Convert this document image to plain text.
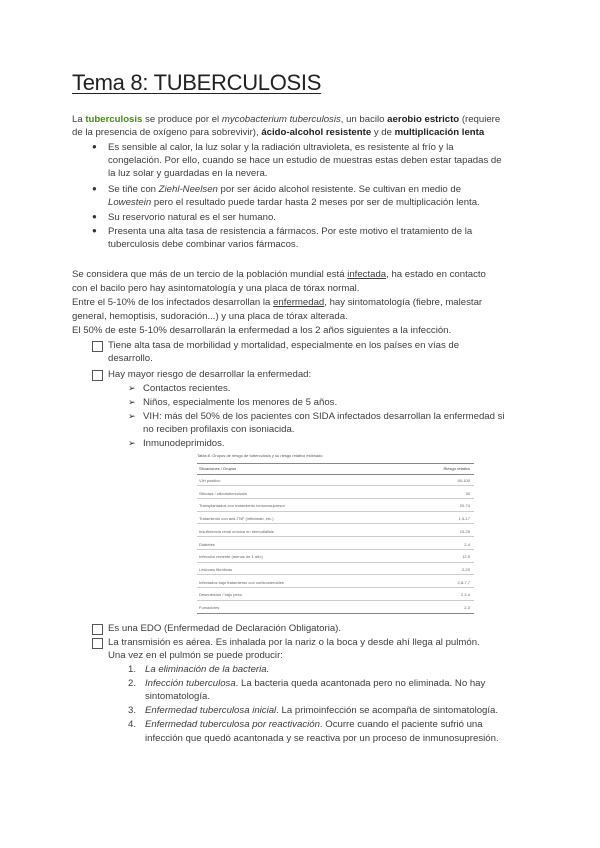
Tema 8: TUBERCULOSIS
La tuberculosis se produce por el mycobacterium tuberculosis, un bacilo aerobio estricto (requiere
de la presencia de oxígeno para sobrevivir), ácido-alcohol resistente y de multiplicación lenta
● Es sensible al calor, la luz solar y la radiación ultravioleta, es resistente al frío y la
congelación. Por ello, cuando se hace un estudio de muestras estas deben estar tapadas de
la luz solar y guardadas en la nevera.
● Se tiñe con Ziehl-Neelsen por ser ácido alcohol resistente. Se cultivan en medio de
Lowestein pero el resultado puede tardar hasta 2 meses por ser de multiplicación lenta.
● Su reservorio natural es el ser humano.
● Presenta una alta tasa de resistencia a fármacos. Por este motivo el tratamiento de la
tuberculosis debe combinar varios fármacos.
Se considera que más de un tercio de la población mundial está infectada, ha estado en contacto
con el bacilo pero hay asintomatología y una placa de tórax normal.
Entre el 5-10% de los infectados desarrollan la enfermedad, hay sintomatología (fiebre, malestar
general, hemoptisis, sudoración...) y una placa de tórax alterada.
El 50% de este 5-10% desarrollarán la enfermedad a los 2 años siguientes a la infección.
Tiene alta tasa de morbilidad y mortalidad, especialmente en los países en vías de
desarrollo.
Hay mayor riesgo de desarrollar la enfermedad:
➢ Contactos recientes.
➢ Niños, especialmente los menores de 5 años.
➢ VIH: más del 50% de los pacientes con SIDA infectados desarrollan la enfermedad si
no reciben profilaxis con isoniacida.
➢ Inmunodeprimidos.
Tabla 8. Grupos de riesgo de tuberculosis y su riesgo relativo estimado
Situaciones / Grupos	Riesgo relativo
VIH positivo	50-100
Silicosis / silicotuberculosis	30
Transplantados con tratamiento inmunosupresor	20-74
Tratamiento con anti-TNF (infliximab, etc.)	1,5-17
Insuficiencia renal crónica en hemodiálisis	10-25
Diabetes	2-4
Infección reciente (menos de 1 año)	12,9
Lesiones fibróticas	2-20
Infectados bajo tratamiento con corticosteroides	2,8-7,7
Desnutrición / bajo peso	2,2-4
Fumadores	2-3
Es una EDO (Enfermedad de Declaración Obligatoria).
La transmisión es aérea. Es inhalada por la nariz o la boca y desde ahí llega al pulmón.
Una vez en el pulmón se puede producir:
1. La eliminación de la bacteria.
2. Infección tuberculosa. La bacteria queda acantonada pero no eliminada. No hay
sintomatología.
3. Enfermedad tuberculosa inicial. La primoinfección se acompaña de sintomatología.
4. Enfermedad tuberculosa por reactivación. Ocurre cuando el paciente sufrió una
infección que quedó acantonada y se reactiva por un proceso de inmunosupresión.
